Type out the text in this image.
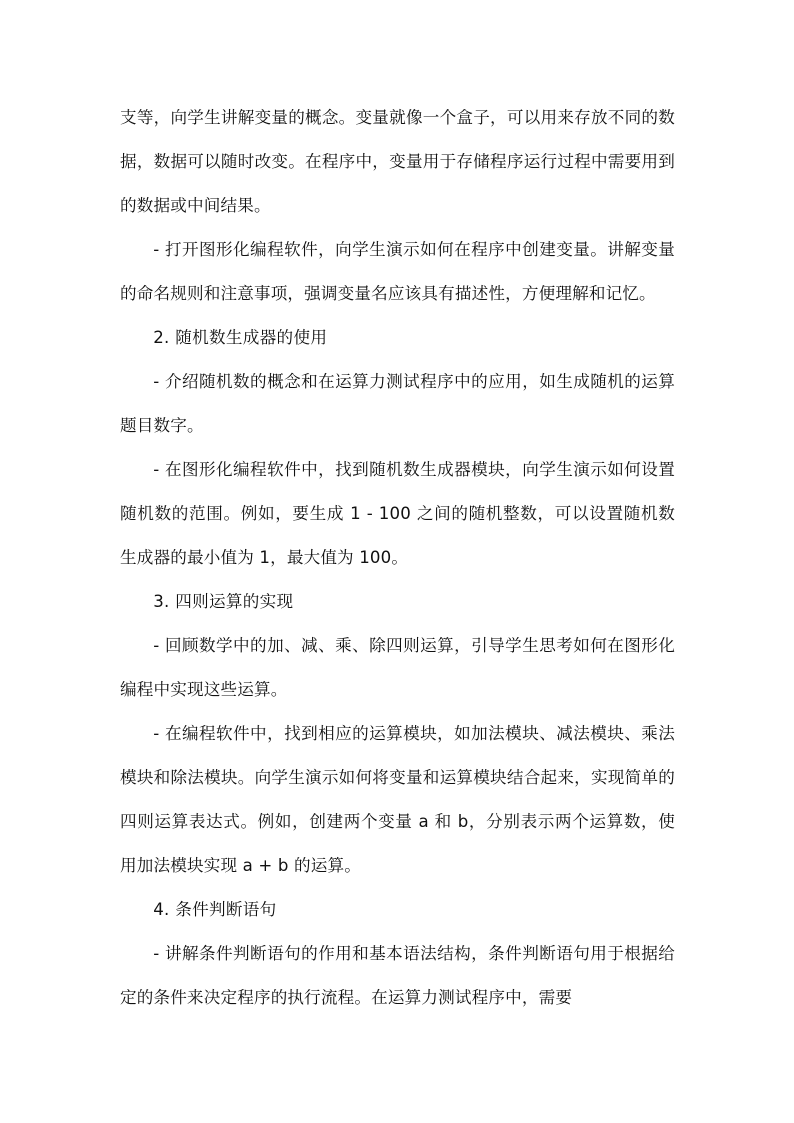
支等，向学生讲解变量的概念。变量就像一个盒子，可以用来存放不同的数据，数据可以随时改变。在程序中，变量用于存储程序运行过程中需要用到的数据或中间结果。

- 打开图形化编程软件，向学生演示如何在程序中创建变量。讲解变量的命名规则和注意事项，强调变量名应该具有描述性，方便理解和记忆。

2. 随机数生成器的使用

- 介绍随机数的概念和在运算力测试程序中的应用，如生成随机的运算题目数字。

- 在图形化编程软件中，找到随机数生成器模块，向学生演示如何设置随机数的范围。例如，要生成 1 - 100 之间的随机整数，可以设置随机数生成器的最小值为 1，最大值为 100。

3. 四则运算的实现

- 回顾数学中的加、减、乘、除四则运算，引导学生思考如何在图形化编程中实现这些运算。

- 在编程软件中，找到相应的运算模块，如加法模块、减法模块、乘法模块和除法模块。向学生演示如何将变量和运算模块结合起来，实现简单的四则运算表达式。例如，创建两个变量 a 和 b，分别表示两个运算数，使用加法模块实现 a + b 的运算。

4. 条件判断语句

- 讲解条件判断语句的作用和基本语法结构，条件判断语句用于根据给定的条件来决定程序的执行流程。在运算力测试程序中，需要
